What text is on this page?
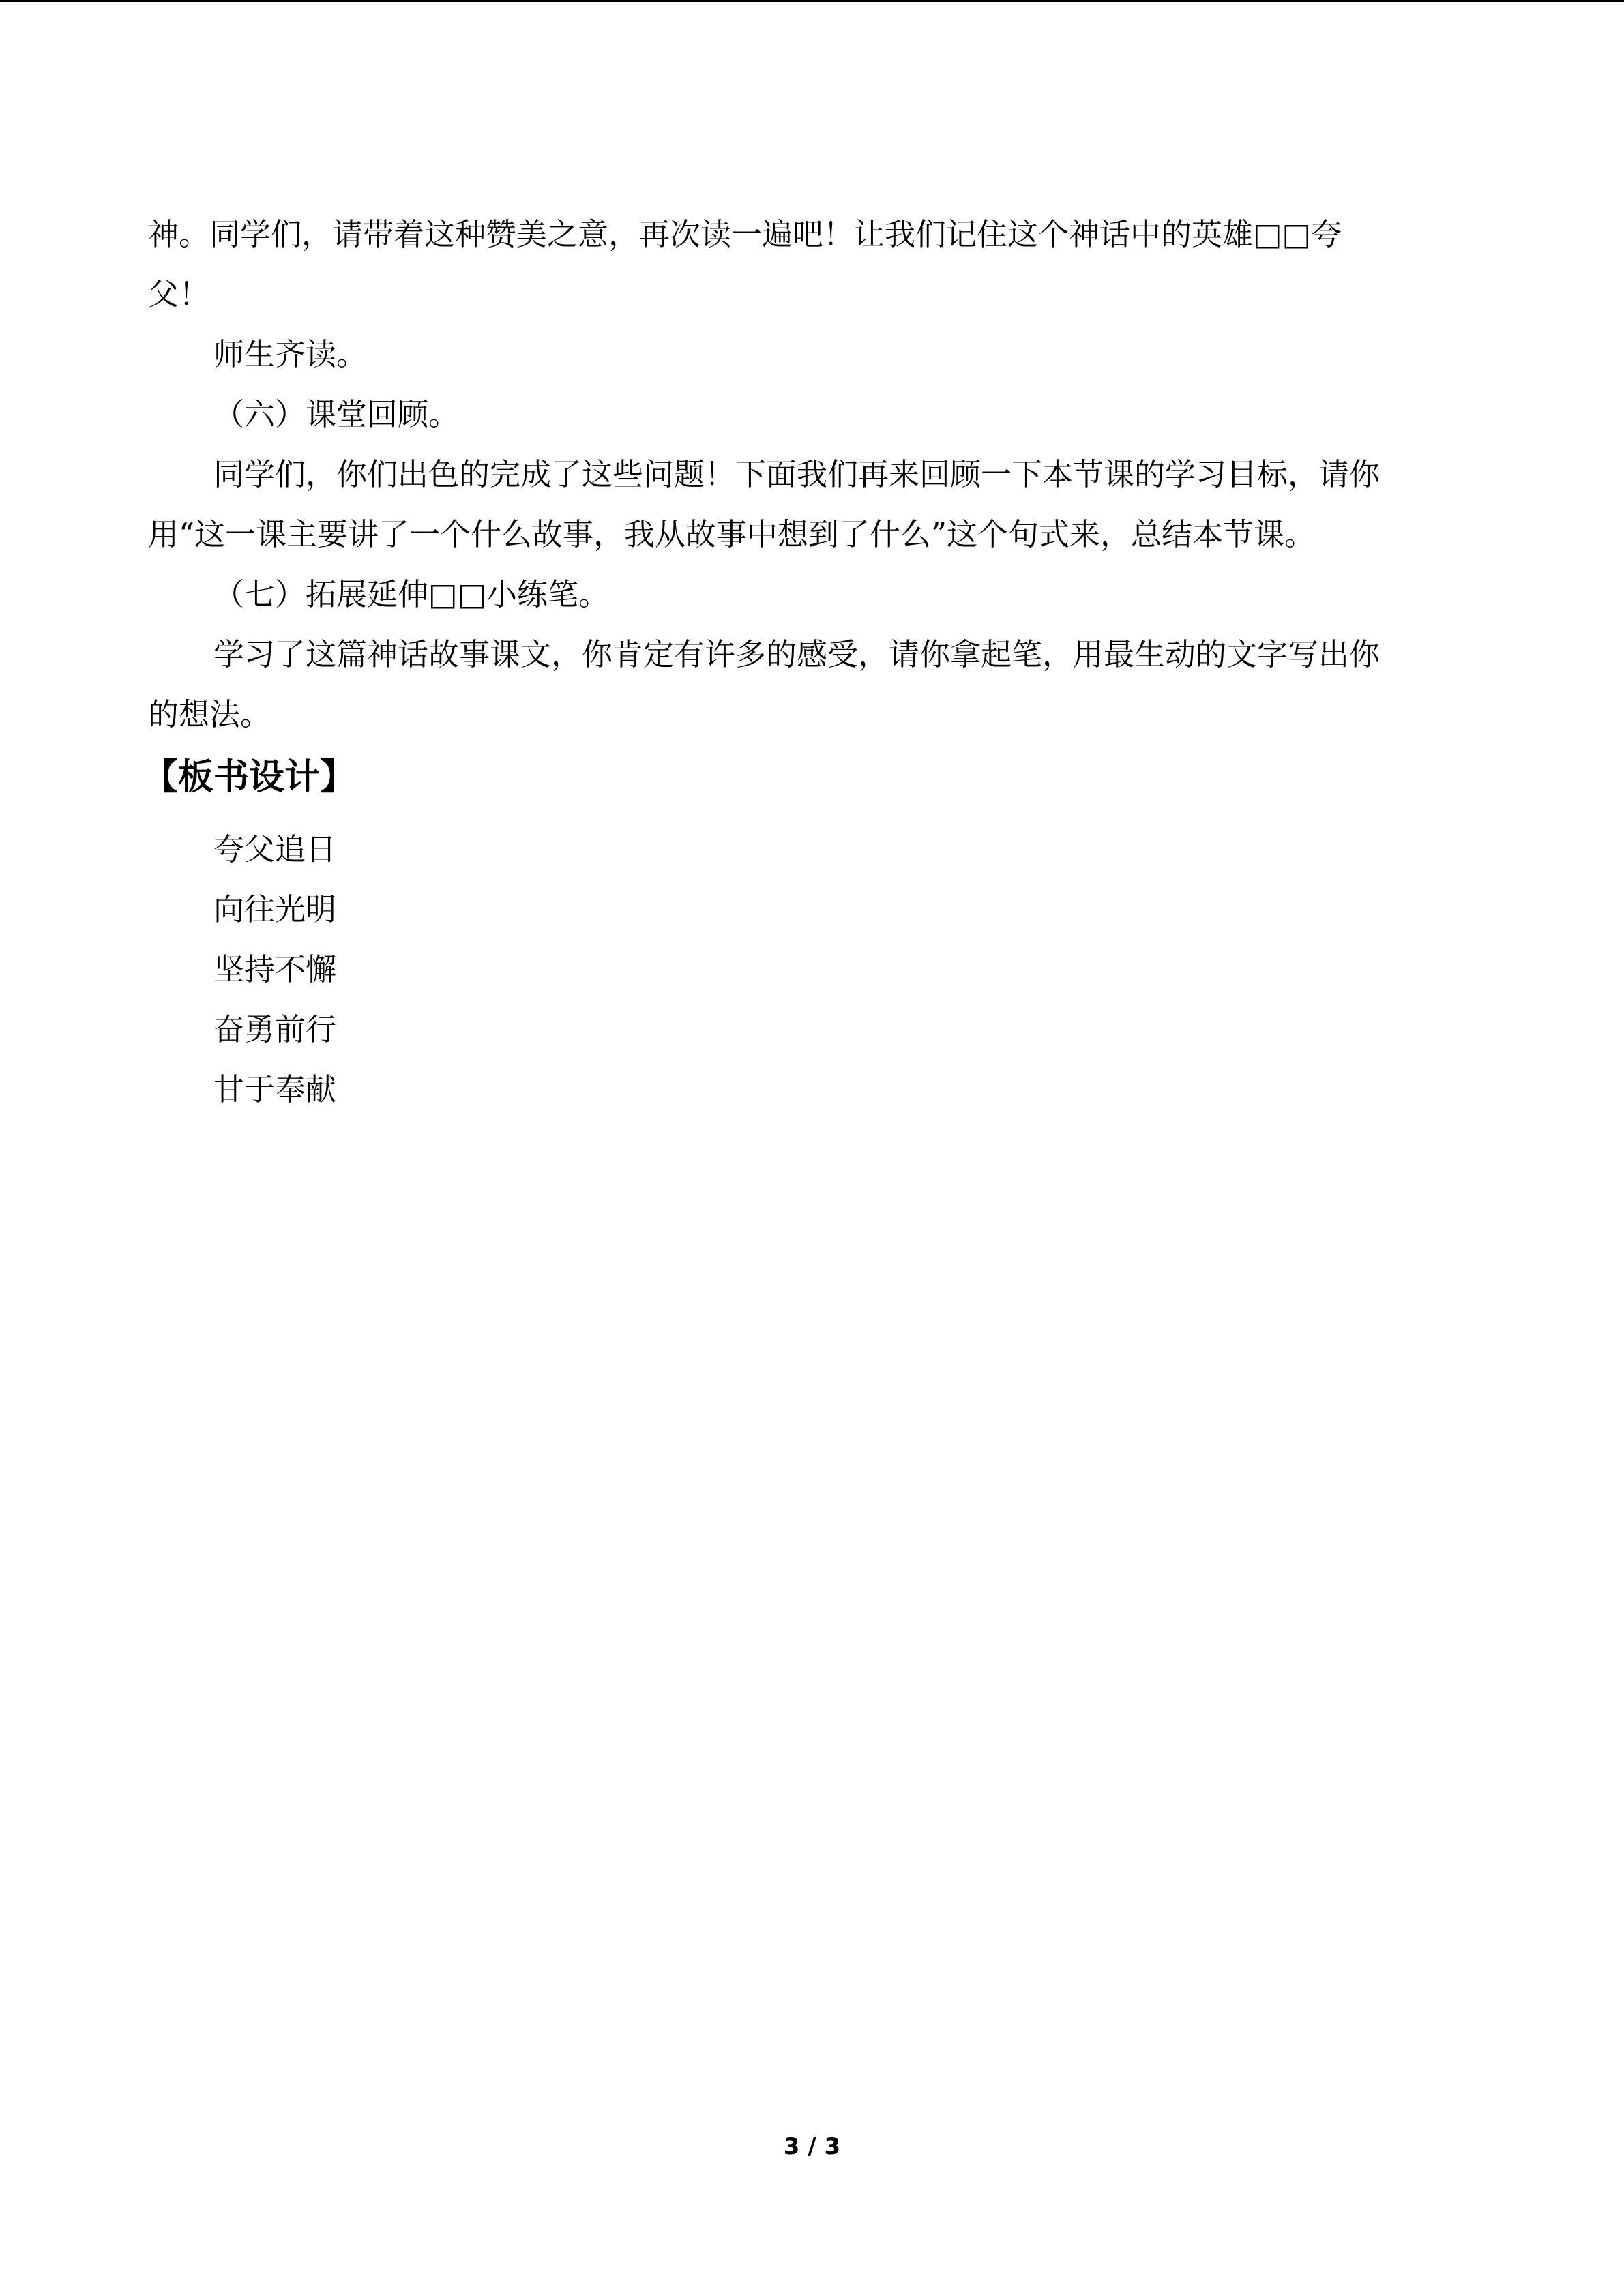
神。同学们，请带着这种赞美之意，再次读一遍吧！让我们记住这个神话中的英雄□□夸

父！

师生齐读。

（六）课堂回顾。

同学们，你们出色的完成了这些问题！下面我们再来回顾一下本节课的学习目标，请你

用“这一课主要讲了一个什么故事，我从故事中想到了什么”这个句式来，总结本节课。

（七）拓展延伸□□小练笔。

学习了这篇神话故事课文，你肯定有许多的感受，请你拿起笔，用最生动的文字写出你

的想法。

【板书设计】

夸父追日

向往光明

坚持不懈

奋勇前行

甘于奉献

3 / 3
